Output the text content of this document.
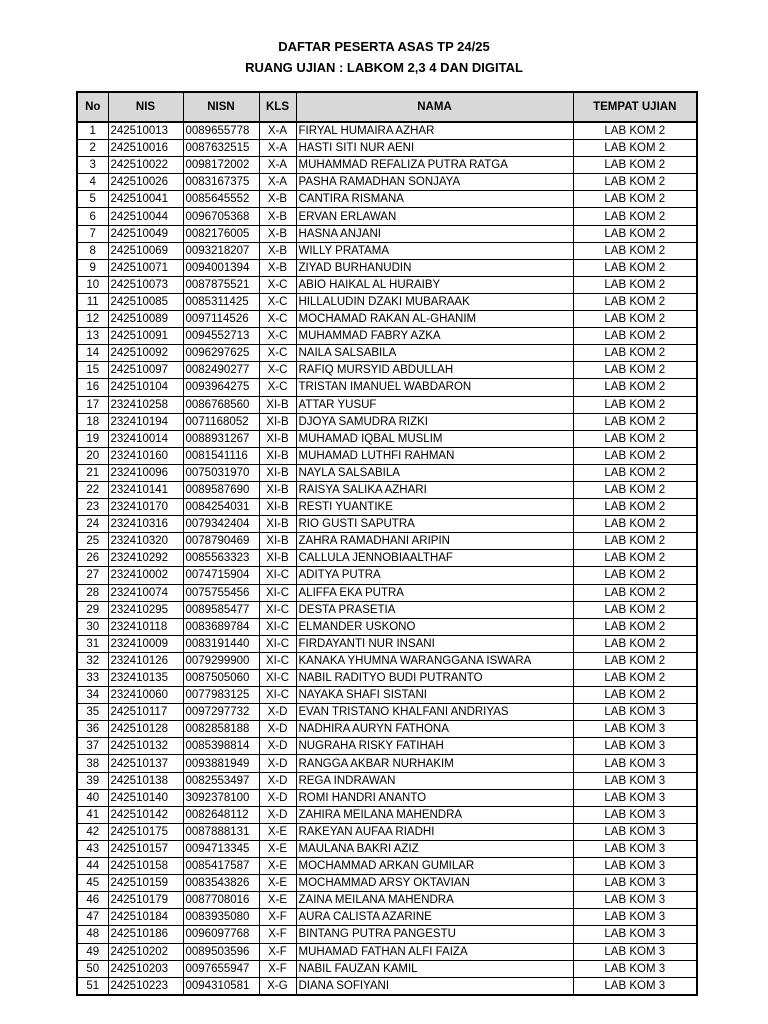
DAFTAR PESERTA ASAS TP 24/25
RUANG UJIAN : LABKOM 2,3 4 DAN DIGITAL
No	NIS	NISN	KLS	NAMA	TEMPAT UJIAN
1	242510013	0089655778	X-A	FIRYAL HUMAIRA AZHAR	LAB KOM 2
2	242510016	0087632515	X-A	HASTI SITI NUR AENI	LAB KOM 2
3	242510022	0098172002	X-A	MUHAMMAD REFALIZA PUTRA RATGA	LAB KOM 2
4	242510026	0083167375	X-A	PASHA RAMADHAN SONJAYA	LAB KOM 2
5	242510041	0085645552	X-B	CANTIRA RISMANA	LAB KOM 2
6	242510044	0096705368	X-B	ERVAN ERLAWAN	LAB KOM 2
7	242510049	0082176005	X-B	HASNA ANJANI	LAB KOM 2
8	242510069	0093218207	X-B	WILLY PRATAMA	LAB KOM 2
9	242510071	0094001394	X-B	ZIYAD BURHANUDIN	LAB KOM 2
10	242510073	0087875521	X-C	ABIO HAIKAL AL HURAIBY	LAB KOM 2
11	242510085	0085311425	X-C	HILLALUDIN DZAKI MUBARAAK	LAB KOM 2
12	242510089	0097114526	X-C	MOCHAMAD RAKAN AL-GHANIM	LAB KOM 2
13	242510091	0094552713	X-C	MUHAMMAD FABRY AZKA	LAB KOM 2
14	242510092	0096297625	X-C	NAILA SALSABILA	LAB KOM 2
15	242510097	0082490277	X-C	RAFIQ MURSYID ABDULLAH	LAB KOM 2
16	242510104	0093964275	X-C	TRISTAN IMANUEL WABDARON	LAB KOM 2
17	232410258	0086768560	XI-B	ATTAR YUSUF	LAB KOM 2
18	232410194	0071168052	XI-B	DJOYA SAMUDRA RIZKI	LAB KOM 2
19	232410014	0088931267	XI-B	MUHAMAD IQBAL MUSLIM	LAB KOM 2
20	232410160	0081541116	XI-B	MUHAMAD LUTHFI RAHMAN	LAB KOM 2
21	232410096	0075031970	XI-B	NAYLA SALSABILA	LAB KOM 2
22	232410141	0089587690	XI-B	RAISYA SALIKA AZHARI	LAB KOM 2
23	232410170	0084254031	XI-B	RESTI YUANTIKE	LAB KOM 2
24	232410316	0079342404	XI-B	RIO GUSTI SAPUTRA	LAB KOM 2
25	232410320	0078790469	XI-B	ZAHRA RAMADHANI ARIPIN	LAB KOM 2
26	232410292	0085563323	XI-B	CALLULA JENNOBIAALTHAF	LAB KOM 2
27	232410002	0074715904	XI-C	ADITYA PUTRA	LAB KOM 2
28	232410074	0075755456	XI-C	ALIFFA EKA PUTRA	LAB KOM 2
29	232410295	0089585477	XI-C	DESTA PRASETIA	LAB KOM 2
30	232410118	0083689784	XI-C	ELMANDER USKONO	LAB KOM 2
31	232410009	0083191440	XI-C	FIRDAYANTI NUR INSANI	LAB KOM 2
32	232410126	0079299900	XI-C	KANAKA YHUMNA WARANGGANA ISWARA	LAB KOM 2
33	232410135	0087505060	XI-C	NABIL RADITYO BUDI PUTRANTO	LAB KOM 2
34	232410060	0077983125	XI-C	NAYAKA SHAFI SISTANI	LAB KOM 2
35	242510117	0097297732	X-D	EVAN TRISTANO KHALFANI ANDRIYAS	LAB KOM 3
36	242510128	0082858188	X-D	NADHIRA AURYN FATHONA	LAB KOM 3
37	242510132	0085398814	X-D	NUGRAHA RISKY FATIHAH	LAB KOM 3
38	242510137	0093881949	X-D	RANGGA AKBAR NURHAKIM	LAB KOM 3
39	242510138	0082553497	X-D	REGA INDRAWAN	LAB KOM 3
40	242510140	3092378100	X-D	ROMI HANDRI ANANTO	LAB KOM 3
41	242510142	0082648112	X-D	ZAHIRA MEILANA MAHENDRA	LAB KOM 3
42	242510175	0087888131	X-E	RAKEYAN AUFAA RIADHI	LAB KOM 3
43	242510157	0094713345	X-E	MAULANA BAKRI AZIZ	LAB KOM 3
44	242510158	0085417587	X-E	MOCHAMMAD ARKAN GUMILAR	LAB KOM 3
45	242510159	0083543826	X-E	MOCHAMMAD ARSY OKTAVIAN	LAB KOM 3
46	242510179	0087708016	X-E	ZAINA MEILANA MAHENDRA	LAB KOM 3
47	242510184	0083935080	X-F	AURA CALISTA AZARINE	LAB KOM 3
48	242510186	0096097768	X-F	BINTANG PUTRA PANGESTU	LAB KOM 3
49	242510202	0089503596	X-F	MUHAMAD FATHAN ALFI FAIZA	LAB KOM 3
50	242510203	0097655947	X-F	NABIL FAUZAN KAMIL	LAB KOM 3
51	242510223	0094310581	X-G	DIANA SOFIYANI	LAB KOM 3
